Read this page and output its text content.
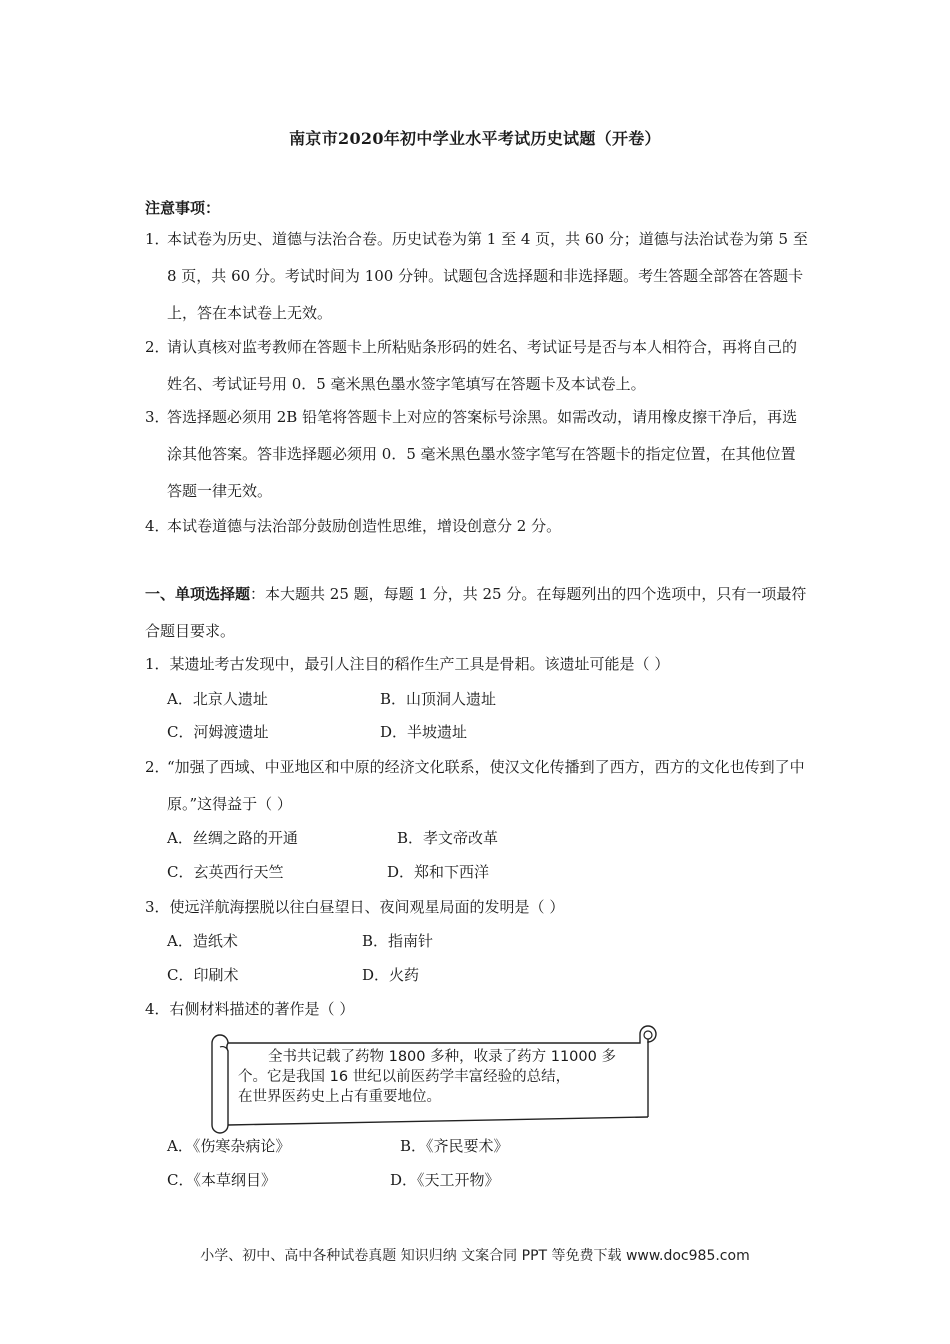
南京市2020年初中学业水平考试历史试题（开卷）
注意事项：
1．
本试卷为历史、道德与法治合卷。历史试卷为第 1 至 4 页，共 60 分；道德与法治试卷为第 5 至 8 页，共 60 分。考试时间为 100 分钟。试题包含选择题和非选择题。考生答题全部答在答题卡上，答在本试卷上无效。
2．
请认真核对监考教师在答题卡上所粘贴条形码的姓名、考试证号是否与本人相符合，再将自己的姓名、考试证号用 0．5 毫米黑色墨水签字笔填写在答题卡及本试卷上。
3．
答选择题必须用 2B 铅笔将答题卡上对应的答案标号涂黑。如需改动，请用橡皮擦干净后，再选涂其他答案。答非选择题必须用 0．5 毫米黑色墨水签字笔写在答题卡的指定位置，在其他位置答题一律无效。
4．
本试卷道德与法治部分鼓励创造性思维，增设创意分 2 分。
一、单项选择题：本大题共 25 题，每题 1 分，共 25 分。在每题列出的四个选项中，只有一项最符合题目要求。
1．某遗址考古发现中，最引人注目的稻作生产工具是骨耜。该遗址可能是（ ）
A．北京人遗址	B．山顶洞人遗址
C．河姆渡遗址	D．半坡遗址
2．
“加强了西域、中亚地区和中原的经济文化联系，使汉文化传播到了西方，西方的文化也传到了中原。”这得益于（ ）
A．丝绸之路的开通	B．孝文帝改革
C．玄英西行天竺	D．郑和下西洋
3．使远洋航海摆脱以往白昼望日、夜间观星局面的发明是（ ）
A．造纸术	B．指南针
C．印刷术	D．火药
4．右侧材料描述的著作是（ ）
全书共记载了药物 1800 多种，收录了药方 11000 多个。它是我国 16 世纪以前医药学丰富经验的总结，
在世界医药史上占有重要地位。
A．《伤寒杂病论》	B．《齐民要术》
C．《本草纲目》	D．《天工开物》
小学、初中、高中各种试卷真题 知识归纳 文案合同 PPT 等免费下载 www.doc985.com
